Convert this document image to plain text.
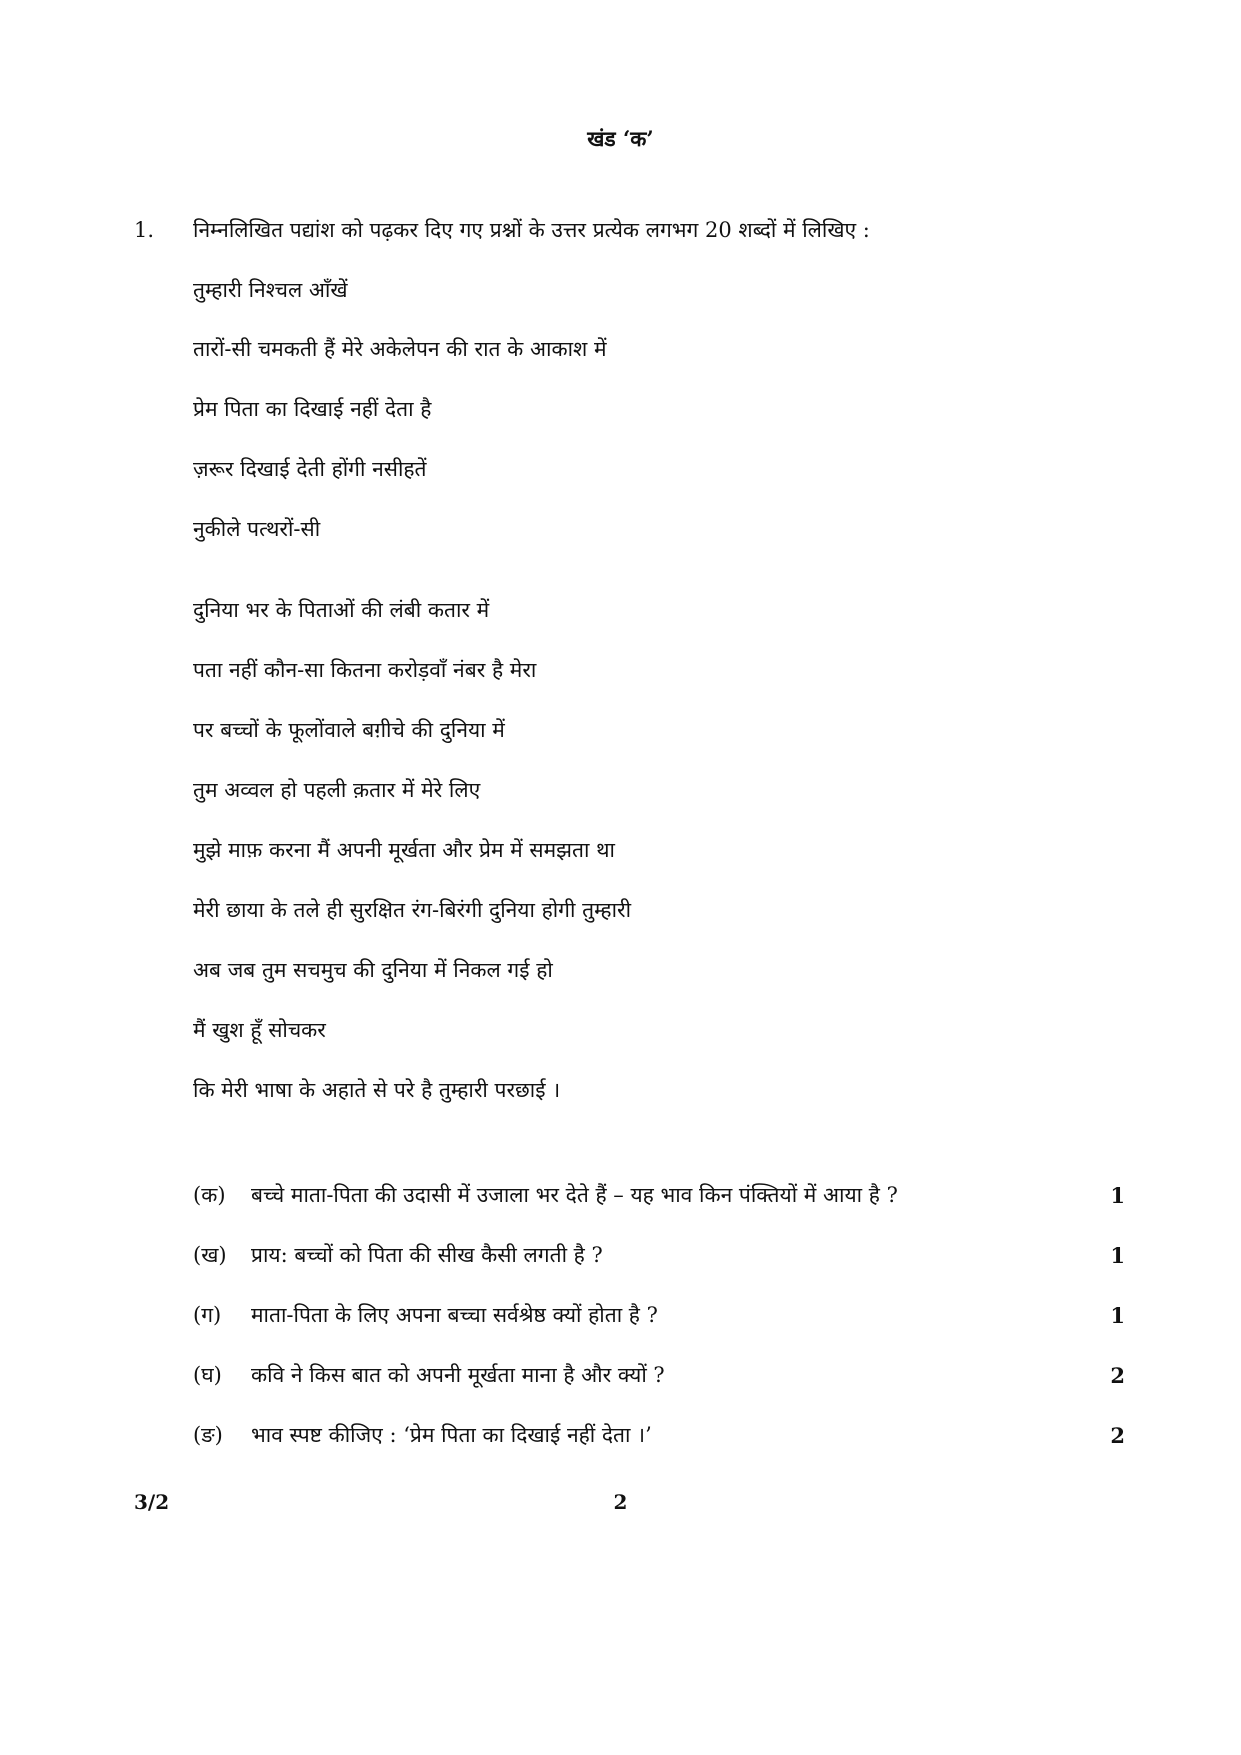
खंड ‘क’
1. निम्नलिखित पद्यांश को पढ़कर दिए गए प्रश्नों के उत्तर प्रत्येक लगभग 20 शब्दों में लिखिए :
तुम्हारी निश्चल आँखें
तारों-सी चमकती हैं मेरे अकेलेपन की रात के आकाश में
प्रेम पिता का दिखाई नहीं देता है
ज़रूर दिखाई देती होंगी नसीहतें
नुकीले पत्थरों-सी
दुनिया भर के पिताओं की लंबी कतार में
पता नहीं कौन-सा कितना करोड़वाँ नंबर है मेरा
पर बच्चों के फूलोंवाले बग़ीचे की दुनिया में
तुम अव्वल हो पहली क़तार में मेरे लिए
मुझे माफ़ करना मैं अपनी मूर्खता और प्रेम में समझता था
मेरी छाया के तले ही सुरक्षित रंग-बिरंगी दुनिया होगी तुम्हारी
अब जब तुम सचमुच की दुनिया में निकल गई हो
मैं खुश हूँ सोचकर
कि मेरी भाषा के अहाते से परे है तुम्हारी परछाई ।
(क) बच्चे माता-पिता की उदासी में उजाला भर देते हैं – यह भाव किन पंक्तियों में आया है ?	1
(ख) प्राय: बच्चों को पिता की सीख कैसी लगती है ?	1
(ग) माता-पिता के लिए अपना बच्चा सर्वश्रेष्ठ क्यों होता है ?	1
(घ) कवि ने किस बात को अपनी मूर्खता माना है और क्यों ?	2
(ङ) भाव स्पष्ट कीजिए : ‘प्रेम पिता का दिखाई नहीं देता ।’	2
3/2	2
